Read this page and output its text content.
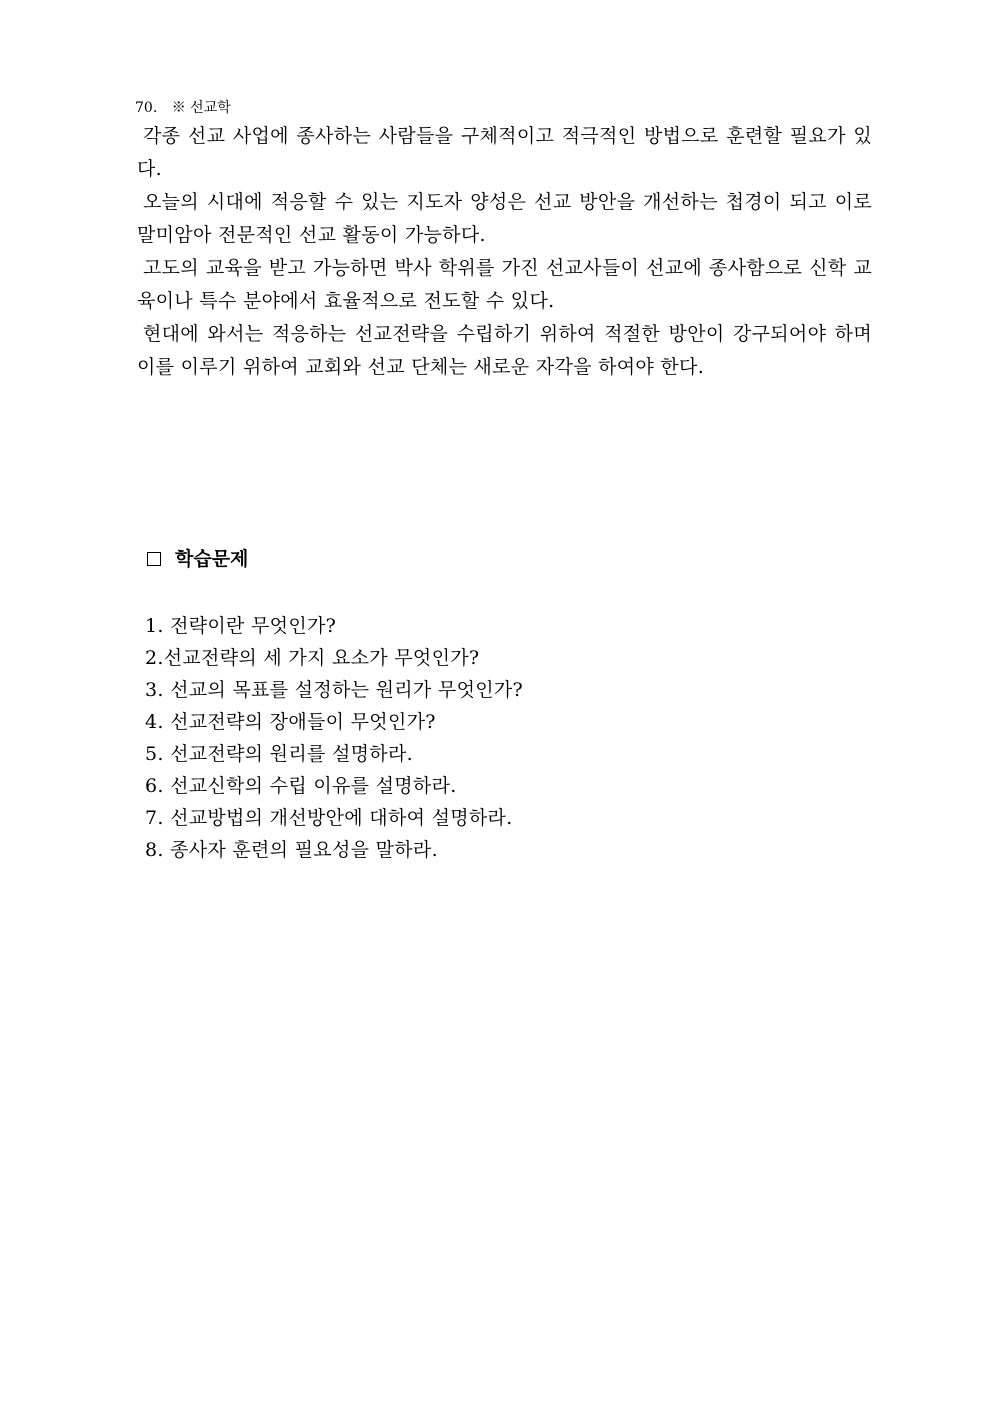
70. ※ 선교학

각종 선교 사업에 종사하는 사람들을 구체적이고 적극적인 방법으로 훈련할 필요가 있다.

오늘의 시대에 적응할 수 있는 지도자 양성은 선교 방안을 개선하는 첩경이 되고 이로 말미암아 전문적인 선교 활동이 가능하다.

고도의 교육을 받고 가능하면 박사 학위를 가진 선교사들이 선교에 종사함으로 신학 교육이나 특수 분야에서 효율적으로 전도할 수 있다.

현대에 와서는 적응하는 선교전략을 수립하기 위하여 적절한 방안이 강구되어야 하며 이를 이루기 위하여 교회와 선교 단체는 새로운 자각을 하여야 한다.

학습문제
1. 전략이란 무엇인가?
2.선교전략의 세 가지 요소가 무엇인가?
3. 선교의 목표를 설정하는 원리가 무엇인가?
4. 선교전략의 장애들이 무엇인가?
5. 선교전략의 원리를 설명하라.
6. 선교신학의 수립 이유를 설명하라.
7. 선교방법의 개선방안에 대하여 설명하라.
8. 종사자 훈련의 필요성을 말하라.
